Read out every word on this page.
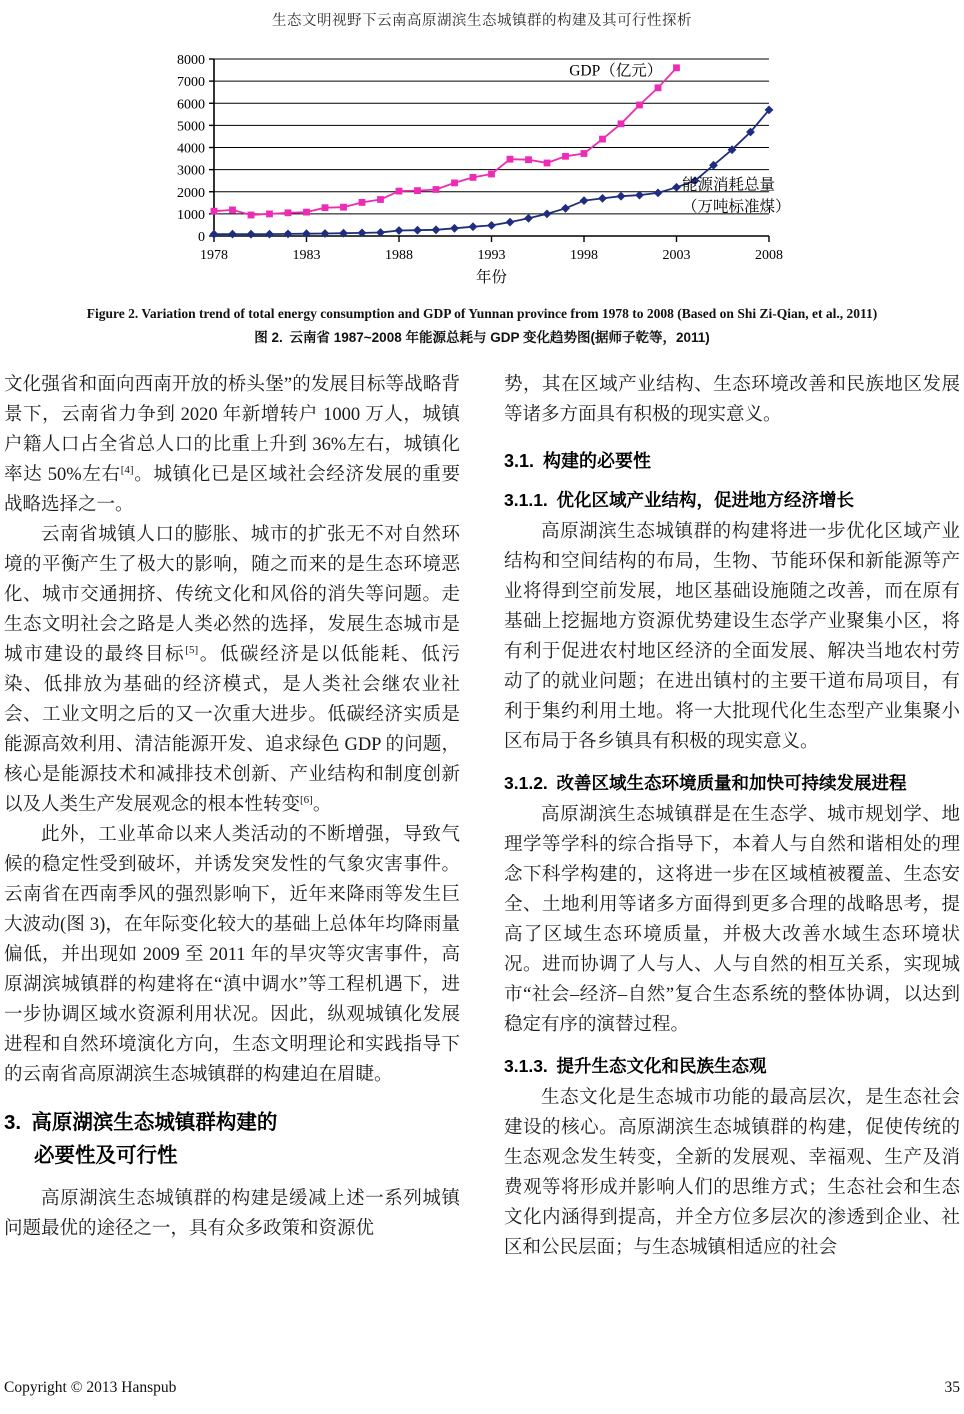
生态文明视野下云南高原湖滨生态城镇群的构建及其可行性探析
0
1000
2000
3000
4000
5000
6000
7000
8000
1978	1983	1988	1993	1998	2003	2008
年份
GDP（亿元）
能源消耗总量
（万吨标准煤）
Figure 2. Variation trend of total energy consumption and GDP of Yunnan province from 1978 to 2008 (Based on Shi Zi-Qian, et al., 2011)
图 2. 云南省 1987~2008 年能源总耗与 GDP 变化趋势图(据师子乾等，2011)

文化强省和面向西南开放的桥头堡”的发展目标等战略背景下，云南省力争到 2020 年新增转户 1000 万人，城镇户籍人口占全省总人口的比重上升到 36%左右，城镇化率达 50%左右[4]。城镇化已是区域社会经济发展的重要战略选择之一。

云南省城镇人口的膨胀、城市的扩张无不对自然环境的平衡产生了极大的影响，随之而来的是生态环境恶化、城市交通拥挤、传统文化和风俗的消失等问题。走生态文明社会之路是人类必然的选择，发展生态城市是城市建设的最终目标[5]。低碳经济是以低能耗、低污染、低排放为基础的经济模式，是人类社会继农业社会、工业文明之后的又一次重大进步。低碳经济实质是能源高效利用、清洁能源开发、追求绿色 GDP 的问题，核心是能源技术和减排技术创新、产业结构和制度创新以及人类生产发展观念的根本性转变[6]。

此外，工业革命以来人类活动的不断增强，导致气候的稳定性受到破坏，并诱发突发性的气象灾害事件。云南省在西南季风的强烈影响下，近年来降雨等发生巨大波动(图 3)，在年际变化较大的基础上总体年均降雨量偏低，并出现如 2009 至 2011 年的旱灾等灾害事件，高原湖滨城镇群的构建将在“滇中调水”等工程机遇下，进一步协调区域水资源利用状况。因此，纵观城镇化发展进程和自然环境演化方向，生态文明理论和实践指导下的云南省高原湖滨生态城镇群的构建迫在眉睫。

3. 高原湖滨生态城镇群构建的
必要性及可行性

高原湖滨生态城镇群的构建是缓减上述一系列城镇问题最优的途径之一，具有众多政策和资源优

势，其在区域产业结构、生态环境改善和民族地区发展等诸多方面具有积极的现实意义。

3.1. 构建的必要性
3.1.1. 优化区域产业结构，促进地方经济增长

高原湖滨生态城镇群的构建将进一步优化区域产业结构和空间结构的布局，生物、节能环保和新能源等产业将得到空前发展，地区基础设施随之改善，而在原有基础上挖掘地方资源优势建设生态学产业聚集小区，将有利于促进农村地区经济的全面发展、解决当地农村劳动了的就业问题；在进出镇村的主要干道布局项目，有利于集约利用土地。将一大批现代化生态型产业集聚小区布局于各乡镇具有积极的现实意义。

3.1.2. 改善区域生态环境质量和加快可持续发展进程

高原湖滨生态城镇群是在生态学、城市规划学、地理学等学科的综合指导下，本着人与自然和谐相处的理念下科学构建的，这将进一步在区域植被覆盖、生态安全、土地利用等诸多方面得到更多合理的战略思考，提高了区域生态环境质量，并极大改善水域生态环境状况。进而协调了人与人、人与自然的相互关系，实现城市“社会–经济–自然”复合生态系统的整体协调，以达到稳定有序的演替过程。

3.1.3. 提升生态文化和民族生态观

生态文化是生态城市功能的最高层次，是生态社会建设的核心。高原湖滨生态城镇群的构建，促使传统的生态观念发生转变，全新的发展观、幸福观、生产及消费观等将形成并影响人们的思维方式；生态社会和生态文化内涵得到提高，并全方位多层次的渗透到企业、社区和公民层面；与生态城镇相适应的社会

Copyright © 2013 Hanspub	35
